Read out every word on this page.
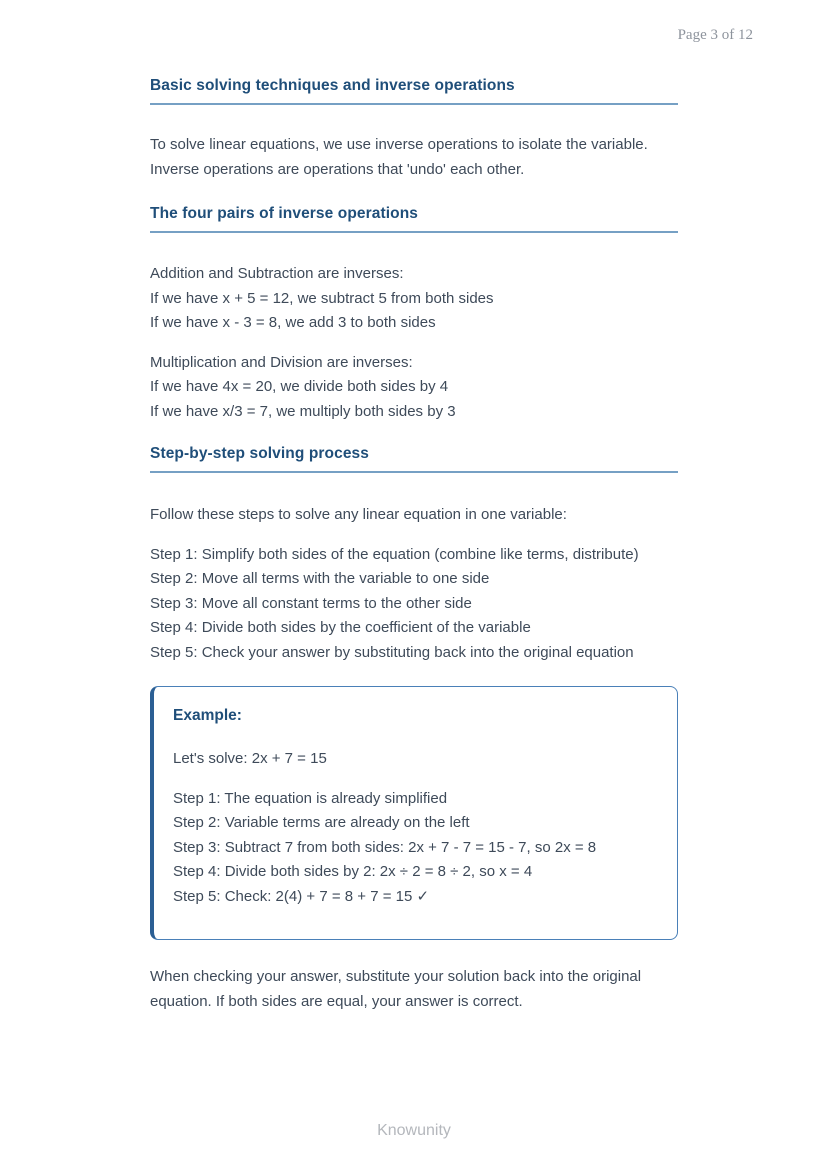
Page 3 of 12
Basic solving techniques and inverse operations

To solve linear equations, we use inverse operations to isolate the variable. Inverse operations are operations that 'undo' each other.

The four pairs of inverse operations
Addition and Subtraction are inverses:
If we have x + 5 = 12, we subtract 5 from both sides
If we have x - 3 = 8, we add 3 to both sides
Multiplication and Division are inverses:
If we have 4x = 20, we divide both sides by 4
If we have x/3 = 7, we multiply both sides by 3
Step-by-step solving process

Follow these steps to solve any linear equation in one variable:

Step 1: Simplify both sides of the equation (combine like terms, distribute)
Step 2: Move all terms with the variable to one side
Step 3: Move all constant terms to the other side
Step 4: Divide both sides by the coefficient of the variable
Step 5: Check your answer by substituting back into the original equation
Example:
Let's solve: 2x + 7 = 15
Step 1: The equation is already simplified
Step 2: Variable terms are already on the left
Step 3: Subtract 7 from both sides: 2x + 7 - 7 = 15 - 7, so 2x = 8
Step 4: Divide both sides by 2: 2x ÷ 2 = 8 ÷ 2, so x = 4
Step 5: Check: 2(4) + 7 = 8 + 7 = 15 ✓

When checking your answer, substitute your solution back into the original equation. If both sides are equal, your answer is correct.

Knowunity
